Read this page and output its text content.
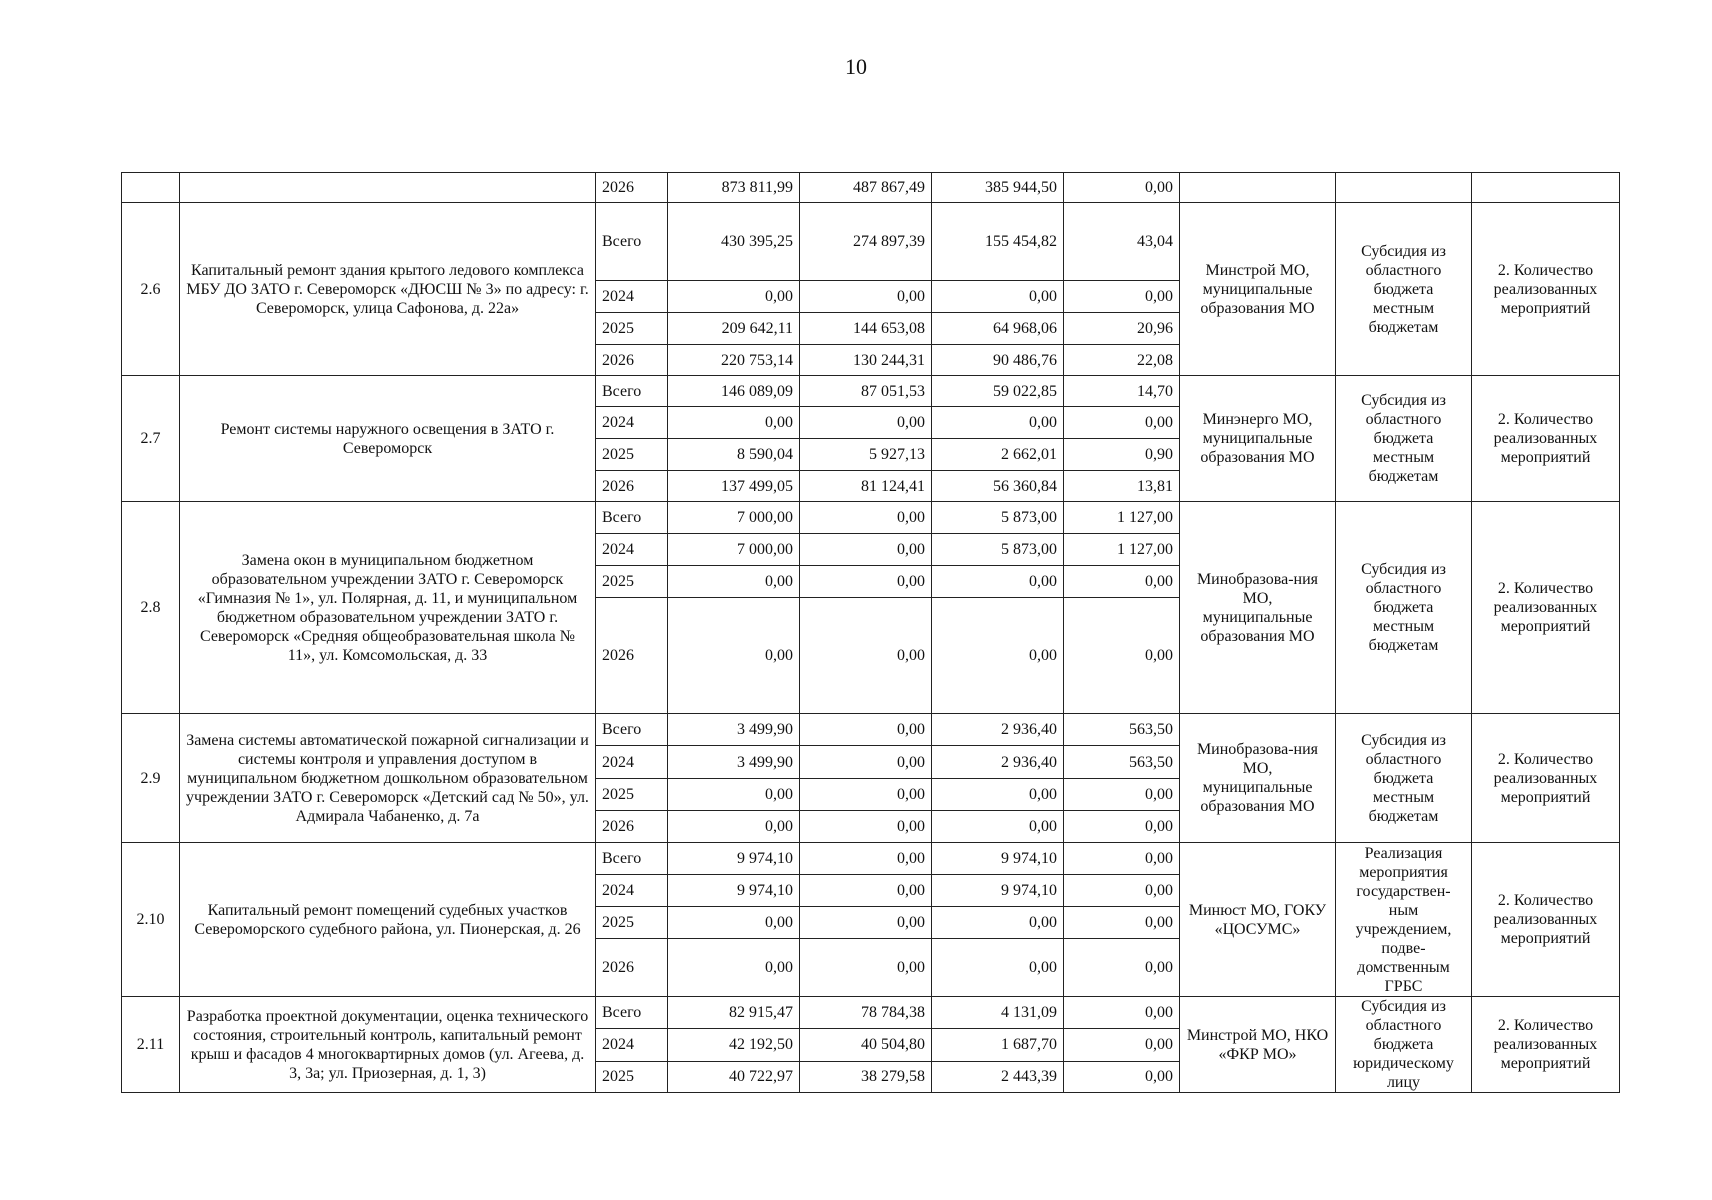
10
		2026	873 811,99	487 867,49	385 944,50	0,00			
2.6	Капитальный ремонт здания крытого ледового комплекса МБУ ДО ЗАТО г. Североморск «ДЮСШ № 3» по адресу: г. Североморск, улица Сафонова, д. 22а»	Всего	430 395,25	274 897,39	155 454,82	43,04	Минстрой МО, муниципальные образования МО	Субсидия из областного бюджета местным бюджетам	2. Количество реализованных мероприятий
		2024	0,00	0,00	0,00	0,00			
		2025	209 642,11	144 653,08	64 968,06	20,96			
		2026	220 753,14	130 244,31	90 486,76	22,08			
2.7	Ремонт системы наружного освещения в ЗАТО г. Североморск	Всего	146 089,09	87 051,53	59 022,85	14,70	Минэнерго МО, муниципальные образования МО	Субсидия из областного бюджета местным бюджетам	2. Количество реализованных мероприятий
		2024	0,00	0,00	0,00	0,00			
		2025	8 590,04	5 927,13	2 662,01	0,90			
		2026	137 499,05	81 124,41	56 360,84	13,81			
2.8	Замена окон в муниципальном бюджетном образовательном учреждении ЗАТО г. Североморск «Гимназия № 1», ул. Полярная, д. 11, и муниципальном бюджетном образовательном учреждении ЗАТО г. Североморск «Средняя общеобразовательная школа № 11», ул. Комсомольская, д. 33	Всего	7 000,00	0,00	5 873,00	1 127,00	Минобразова-ния МО, муниципальные образования МО	Субсидия из областного бюджета местным бюджетам	2. Количество реализованных мероприятий
		2024	7 000,00	0,00	5 873,00	1 127,00			
		2025	0,00	0,00	0,00	0,00			
		2026	0,00	0,00	0,00	0,00			
2.9	Замена системы автоматической пожарной сигнализации и системы контроля и управления доступом в муниципальном бюджетном дошкольном образовательном учреждении ЗАТО г. Североморск «Детский сад № 50», ул. Адмирала Чабаненко, д. 7а	Всего	3 499,90	0,00	2 936,40	563,50	Минобразова-ния МО, муниципальные образования МО	Субсидия из областного бюджета местным бюджетам	2. Количество реализованных мероприятий
		2024	3 499,90	0,00	2 936,40	563,50			
		2025	0,00	0,00	0,00	0,00			
		2026	0,00	0,00	0,00	0,00			
2.10	Капитальный ремонт помещений судебных участков Североморского судебного района, ул. Пионерская, д. 26	Всего	9 974,10	0,00	9 974,10	0,00	Минюст МО, ГОКУ «ЦОСУМС»	Реализация мероприятия государствен-ным учреждением, подве-домственным ГРБС	2. Количество реализованных мероприятий
		2024	9 974,10	0,00	9 974,10	0,00			
		2025	0,00	0,00	0,00	0,00			
		2026	0,00	0,00	0,00	0,00			
2.11	Разработка проектной документации, оценка технического состояния, строительный контроль, капитальный ремонт крыш и фасадов 4 многоквартирных домов (ул. Агеева, д. 3, 3а; ул. Приозерная, д. 1, 3)	Всего	82 915,47	78 784,38	4 131,09	0,00	Минстрой МО, НКО «ФКР МО»	Субсидия из областного бюджета юридическому лицу	2. Количество реализованных мероприятий
		2024	42 192,50	40 504,80	1 687,70	0,00			
		2025	40 722,97	38 279,58	2 443,39	0,00			
